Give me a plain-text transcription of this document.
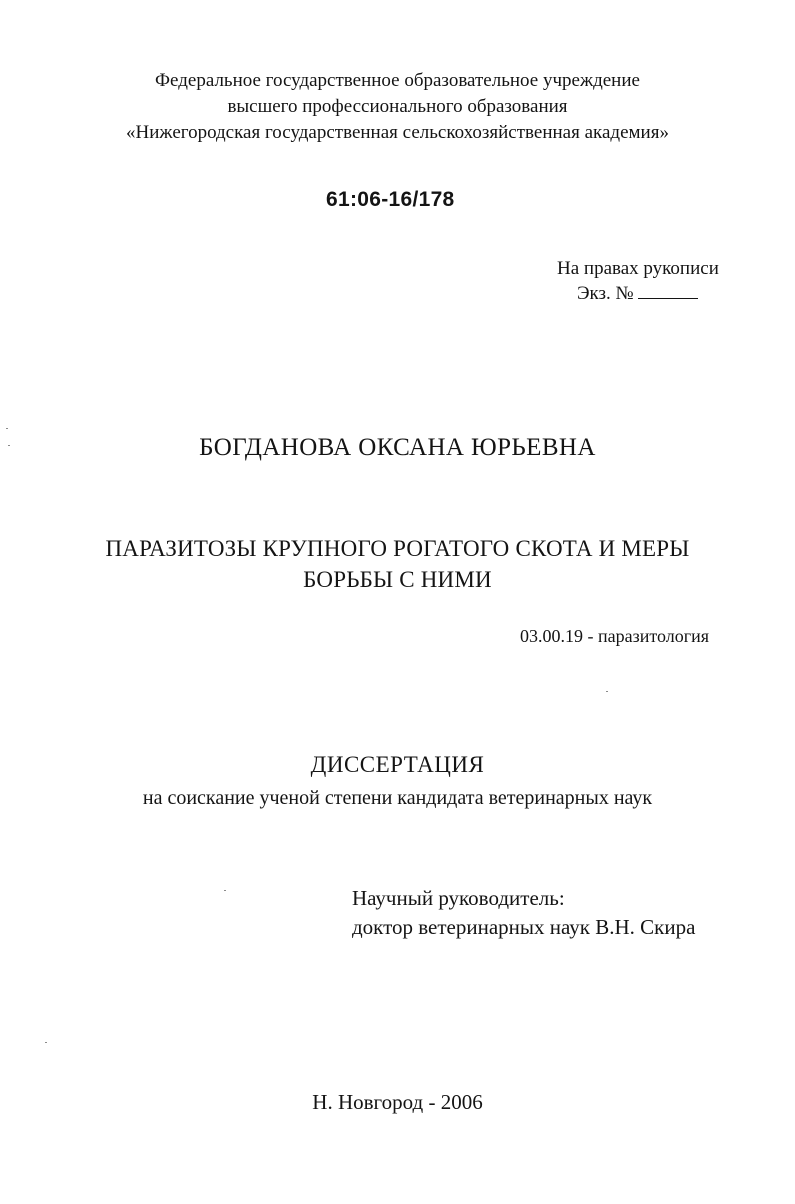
Федеральное государственное образовательное учреждение
высшего профессионального образования
«Нижегородская государственная сельскохозяйственная академия»
61:06-16/178
На правах рукописи
Экз. №
БОГДАНОВА ОКСАНА ЮРЬЕВНА
ПАРАЗИТОЗЫ КРУПНОГО РОГАТОГО СКОТА И МЕРЫ
БОРЬБЫ С НИМИ
03.00.19 - паразитология
ДИССЕРТАЦИЯ
на соискание ученой степени кандидата ветеринарных наук
Научный руководитель:
доктор ветеринарных наук В.Н. Скира
Н. Новгород - 2006
